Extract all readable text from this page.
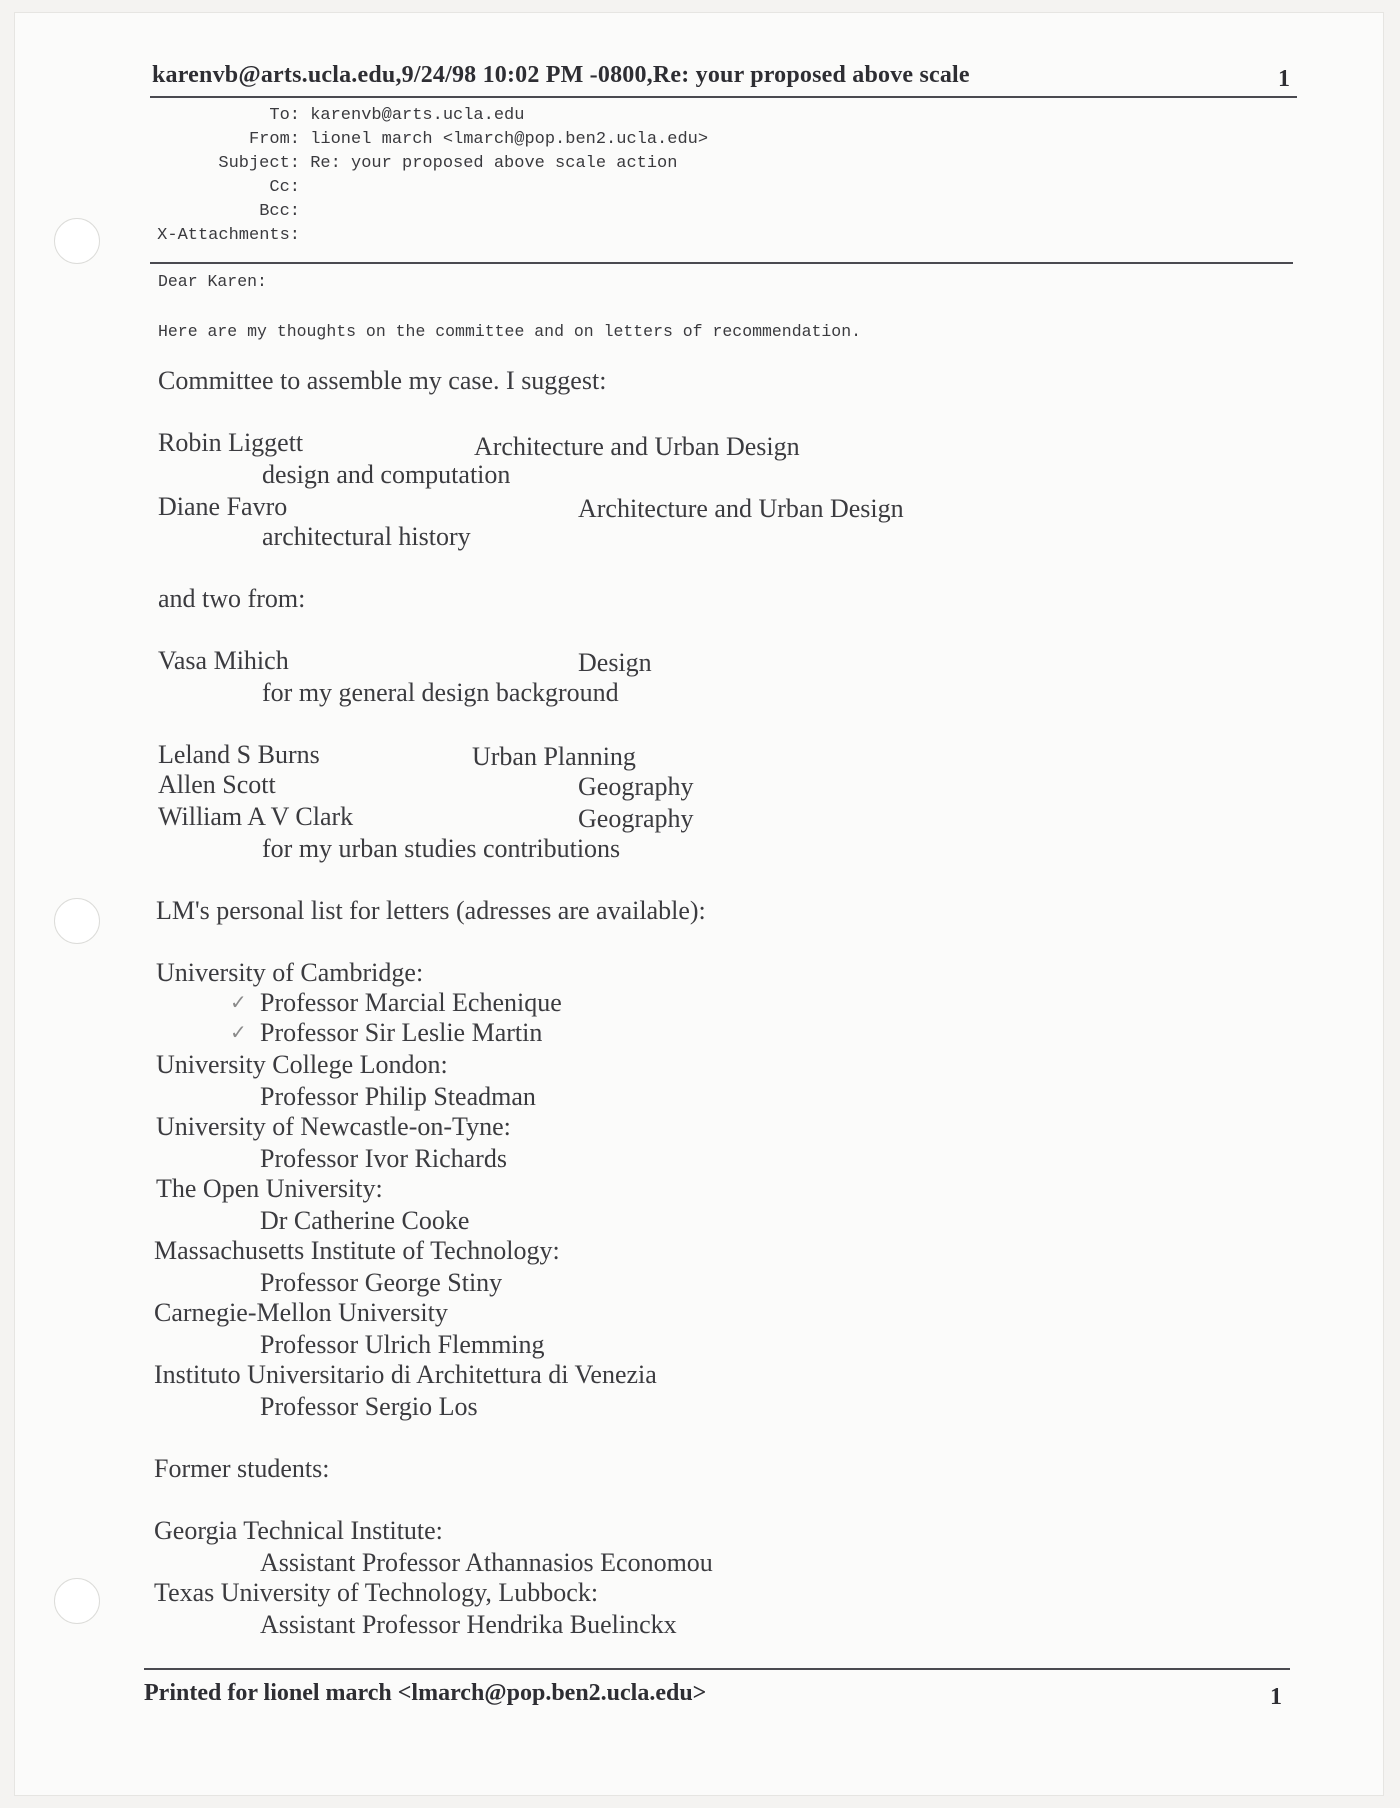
karenvb@arts.ucla.edu,9/24/98 10:02 PM -0800,Re: your proposed above scale	1
To: karenvb@arts.ucla.edu
From: lionel march <lmarch@pop.ben2.ucla.edu>
Subject: Re: your proposed above scale action
Cc:
Bcc:
X-Attachments:
Dear Karen:
Here are my thoughts on the committee and on letters of recommendation.
Committee to assemble my case. I suggest:
Robin Liggett	Architecture and Urban Design
design and computation
Diane Favro	Architecture and Urban Design
architectural history
and two from:
Vasa Mihich	Design
for my general design background
Leland S Burns	Urban Planning
Allen Scott	Geography
William A V Clark	Geography
for my urban studies contributions
LM's personal list for letters (adresses are available):
University of Cambridge:
✓ Professor Marcial Echenique
✓ Professor Sir Leslie Martin
University College London:
Professor Philip Steadman
University of Newcastle-on-Tyne:
Professor Ivor Richards
The Open University:
Dr Catherine Cooke
Massachusetts Institute of Technology:
Professor George Stiny
Carnegie-Mellon University
Professor Ulrich Flemming
Instituto Universitario di Architettura di Venezia
Professor Sergio Los
Former students:
Georgia Technical Institute:
Assistant Professor Athannasios Economou
Texas University of Technology, Lubbock:
Assistant Professor Hendrika Buelinckx
Printed for lionel march <lmarch@pop.ben2.ucla.edu>	1
